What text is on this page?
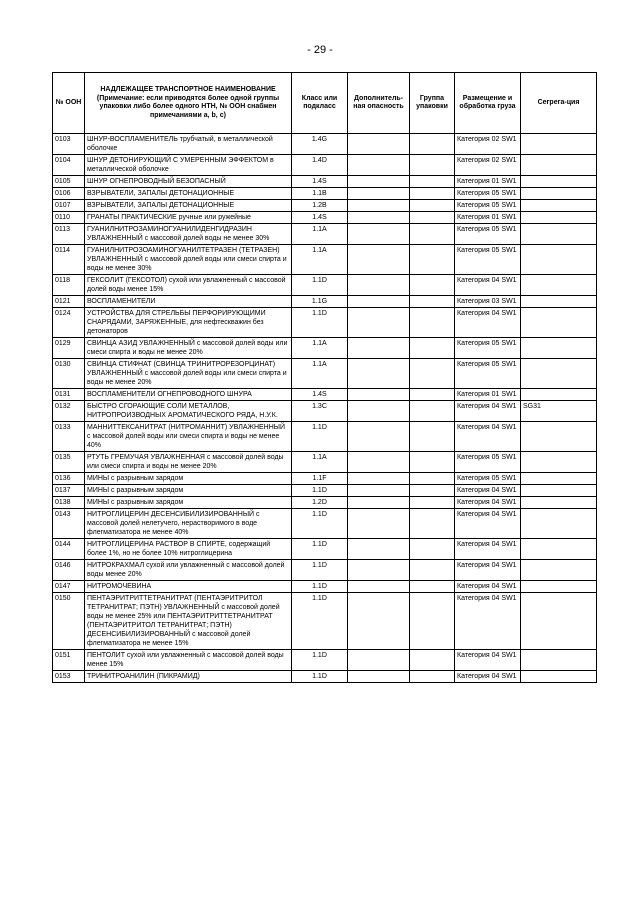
- 29 -
№ ООН	НАДЛЕЖАЩЕЕ ТРАНСПОРТНОЕ НАИМЕНОВАНИЕ
(Примечание: если приводятся более одной группы упаковки либо более одного НТН, № ООН снабжен примечаниями a, b, c)	Класс или подкласс	Дополнитель-ная опасность	Группа упаковки	Размещение и обработка груза	Сегрега-ция
0103	ШНУР-ВОСПЛАМЕНИТЕЛЬ трубчатый, в металлической оболочке	1.4G			Категория 02 SW1	
0104	ШНУР ДЕТОНИРУЮЩИЙ С УМЕРЕННЫМ ЭФФЕКТОМ в металлической оболочке	1.4D			Категория 02 SW1	
0105	ШНУР ОГНЕПРОВОДНЫЙ БЕЗОПАСНЫЙ	1.4S			Категория 01 SW1	
0106	ВЗРЫВАТЕЛИ, ЗАПАЛЫ ДЕТОНАЦИОННЫЕ	1.1B			Категория 05 SW1	
0107	ВЗРЫВАТЕЛИ, ЗАПАЛЫ ДЕТОНАЦИОННЫЕ	1.2B			Категория 05 SW1	
0110	ГРАНАТЫ ПРАКТИЧЕСКИЕ ручные или ружейные	1.4S			Категория 01 SW1	
0113	ГУАНИЛНИТРОЗАМИНОГУАНИЛИДЕНГИДРАЗИН УВЛАЖНЕННЫЙ с массовой долей воды не менее 30%	1.1A			Категория 05 SW1	
0114	ГУАНИЛНИТРОЗОАМИНОГУАНИЛТЕТРАЗЕН (ТЕТРАЗЕН) УВЛАЖНЕННЫЙ с массовой долей воды или смеси спирта и воды не менее 30%	1.1A			Категория 05 SW1	
0118	ГЕКСОЛИТ (ГЕКСОТОЛ) сухой или увлажненный с массовой долей воды менее 15%	1.1D			Категория 04 SW1	
0121	ВОСПЛАМЕНИТЕЛИ	1.1G			Категория 03 SW1	
0124	УСТРОЙСТВА ДЛЯ СТРЕЛЬБЫ ПЕРФОРИРУЮЩИМИ СНАРЯДАМИ, ЗАРЯЖЕННЫЕ, для нефтескважин без детонаторов	1.1D			Категория 04 SW1	
0129	СВИНЦА АЗИД УВЛАЖНЕННЫЙ с массовой долей воды или смеси спирта и воды не менее 20%	1.1A			Категория 05 SW1	
0130	СВИНЦА СТИФНАТ (СВИНЦА ТРИНИТРОРЕЗОРЦИНАТ) УВЛАЖНЕННЫЙ с массовой долей воды или смеси спирта и воды не менее 20%	1.1A			Категория 05 SW1	
0131	ВОСПЛАМЕНИТЕЛИ ОГНЕПРОВОДНОГО ШНУРА	1.4S			Категория 01 SW1	
0132	БЫСТРО СГОРАЮЩИЕ СОЛИ МЕТАЛЛОВ, НИТРОПРОИЗВОДНЫХ АРОМАТИЧЕСКОГО РЯДА, Н.У.К.	1.3C			Категория 04 SW1	SG31
0133	МАННИТТЕКСАНИТРАТ (НИТРОМАННИТ) УВЛАЖНЕННЫЙ с массовой долей воды или смеси спирта и воды не менее 40%	1.1D			Категория 04 SW1	
0135	РТУТЬ ГРЕМУЧАЯ УВЛАЖНЕННАЯ с массовой долей воды или смеси спирта и воды не менее 20%	1.1A			Категория 05 SW1	
0136	МИНЫ с разрывным зарядом	1.1F			Категория 05 SW1	
0137	МИНЫ с разрывным зарядом	1.1D			Категория 04 SW1	
0138	МИНЫ с разрывным зарядом	1.2D			Категория 04 SW1	
0143	НИТРОГЛИЦЕРИН ДЕСЕНСИБИЛИЗИРОВАННЫЙ с массовой долей нелетучего, нерастворимого в воде флегматизатора не менее 40%	1.1D			Категория 04 SW1	
0144	НИТРОГЛИЦЕРИНА РАСТВОР В СПИРТЕ, содержащий более 1%, но не более 10% нитроглицерина	1.1D			Категория 04 SW1	
0146	НИТРОКРАХМАЛ сухой или увлажненный с массовой долей воды менее 20%	1.1D			Категория 04 SW1	
0147	НИТРОМОЧЕВИНА	1.1D			Категория 04 SW1	
0150	ПЕНТАЭРИТРИТТЕТРАНИТРАТ (ПЕНТАЭРИТРИТОЛ ТЕТРАНИТРАТ; ПЭТН) УВЛАЖНЕННЫЙ с массовой долей воды не менее 25% или ПЕНТАЭРИТРИТТЕТРАНИТРАТ (ПЕНТАЭРИТРИТОЛ ТЕТРАНИТРАТ; ПЭТН) ДЕСЕНСИБИЛИЗИРОВАННЫЙ с массовой долей флегматизатора не менее 15%	1.1D			Категория 04 SW1	
0151	ПЕНТОЛИТ сухой или увлажненный с массовой долей воды менее 15%	1.1D			Категория 04 SW1	
0153	ТРИНИТРОАНИЛИН (ПИКРАМИД)	1.1D			Категория 04 SW1	
